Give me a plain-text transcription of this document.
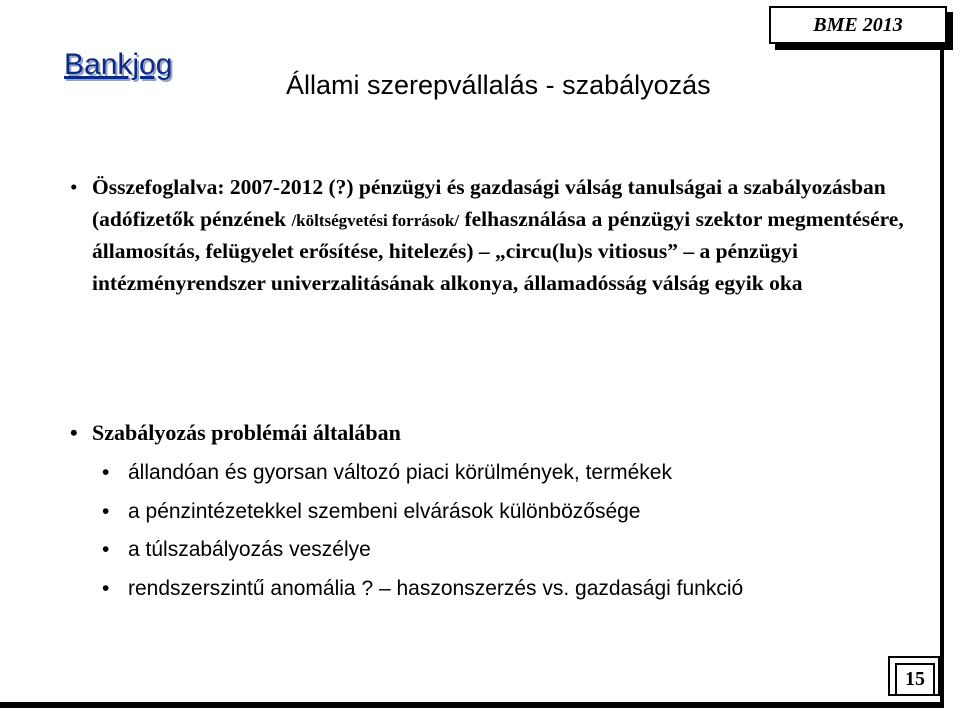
BME 2013
Bankjog
Állami szerepvállalás - szabályozás
• Összefoglalva: 2007-2012 (?) pénzügyi és gazdasági válság tanulságai a szabályozásban (adófizetők pénzének /költségvetési források/ felhasználása a pénzügyi szektor megmentésére, államosítás, felügyelet erősítése, hitelezés) – „circu(lu)s vitiosus” – a pénzügyi intézményrendszer univerzalitásának alkonya, államadósság válság egyik oka
• Szabályozás problémái általában
• állandóan és gyorsan változó piaci körülmények, termékek
• a pénzintézetekkel szembeni elvárások különbözősége
• a túlszabályozás veszélye
• rendszerszintű anomália ? – haszonszerzés vs. gazdasági funkció
15
